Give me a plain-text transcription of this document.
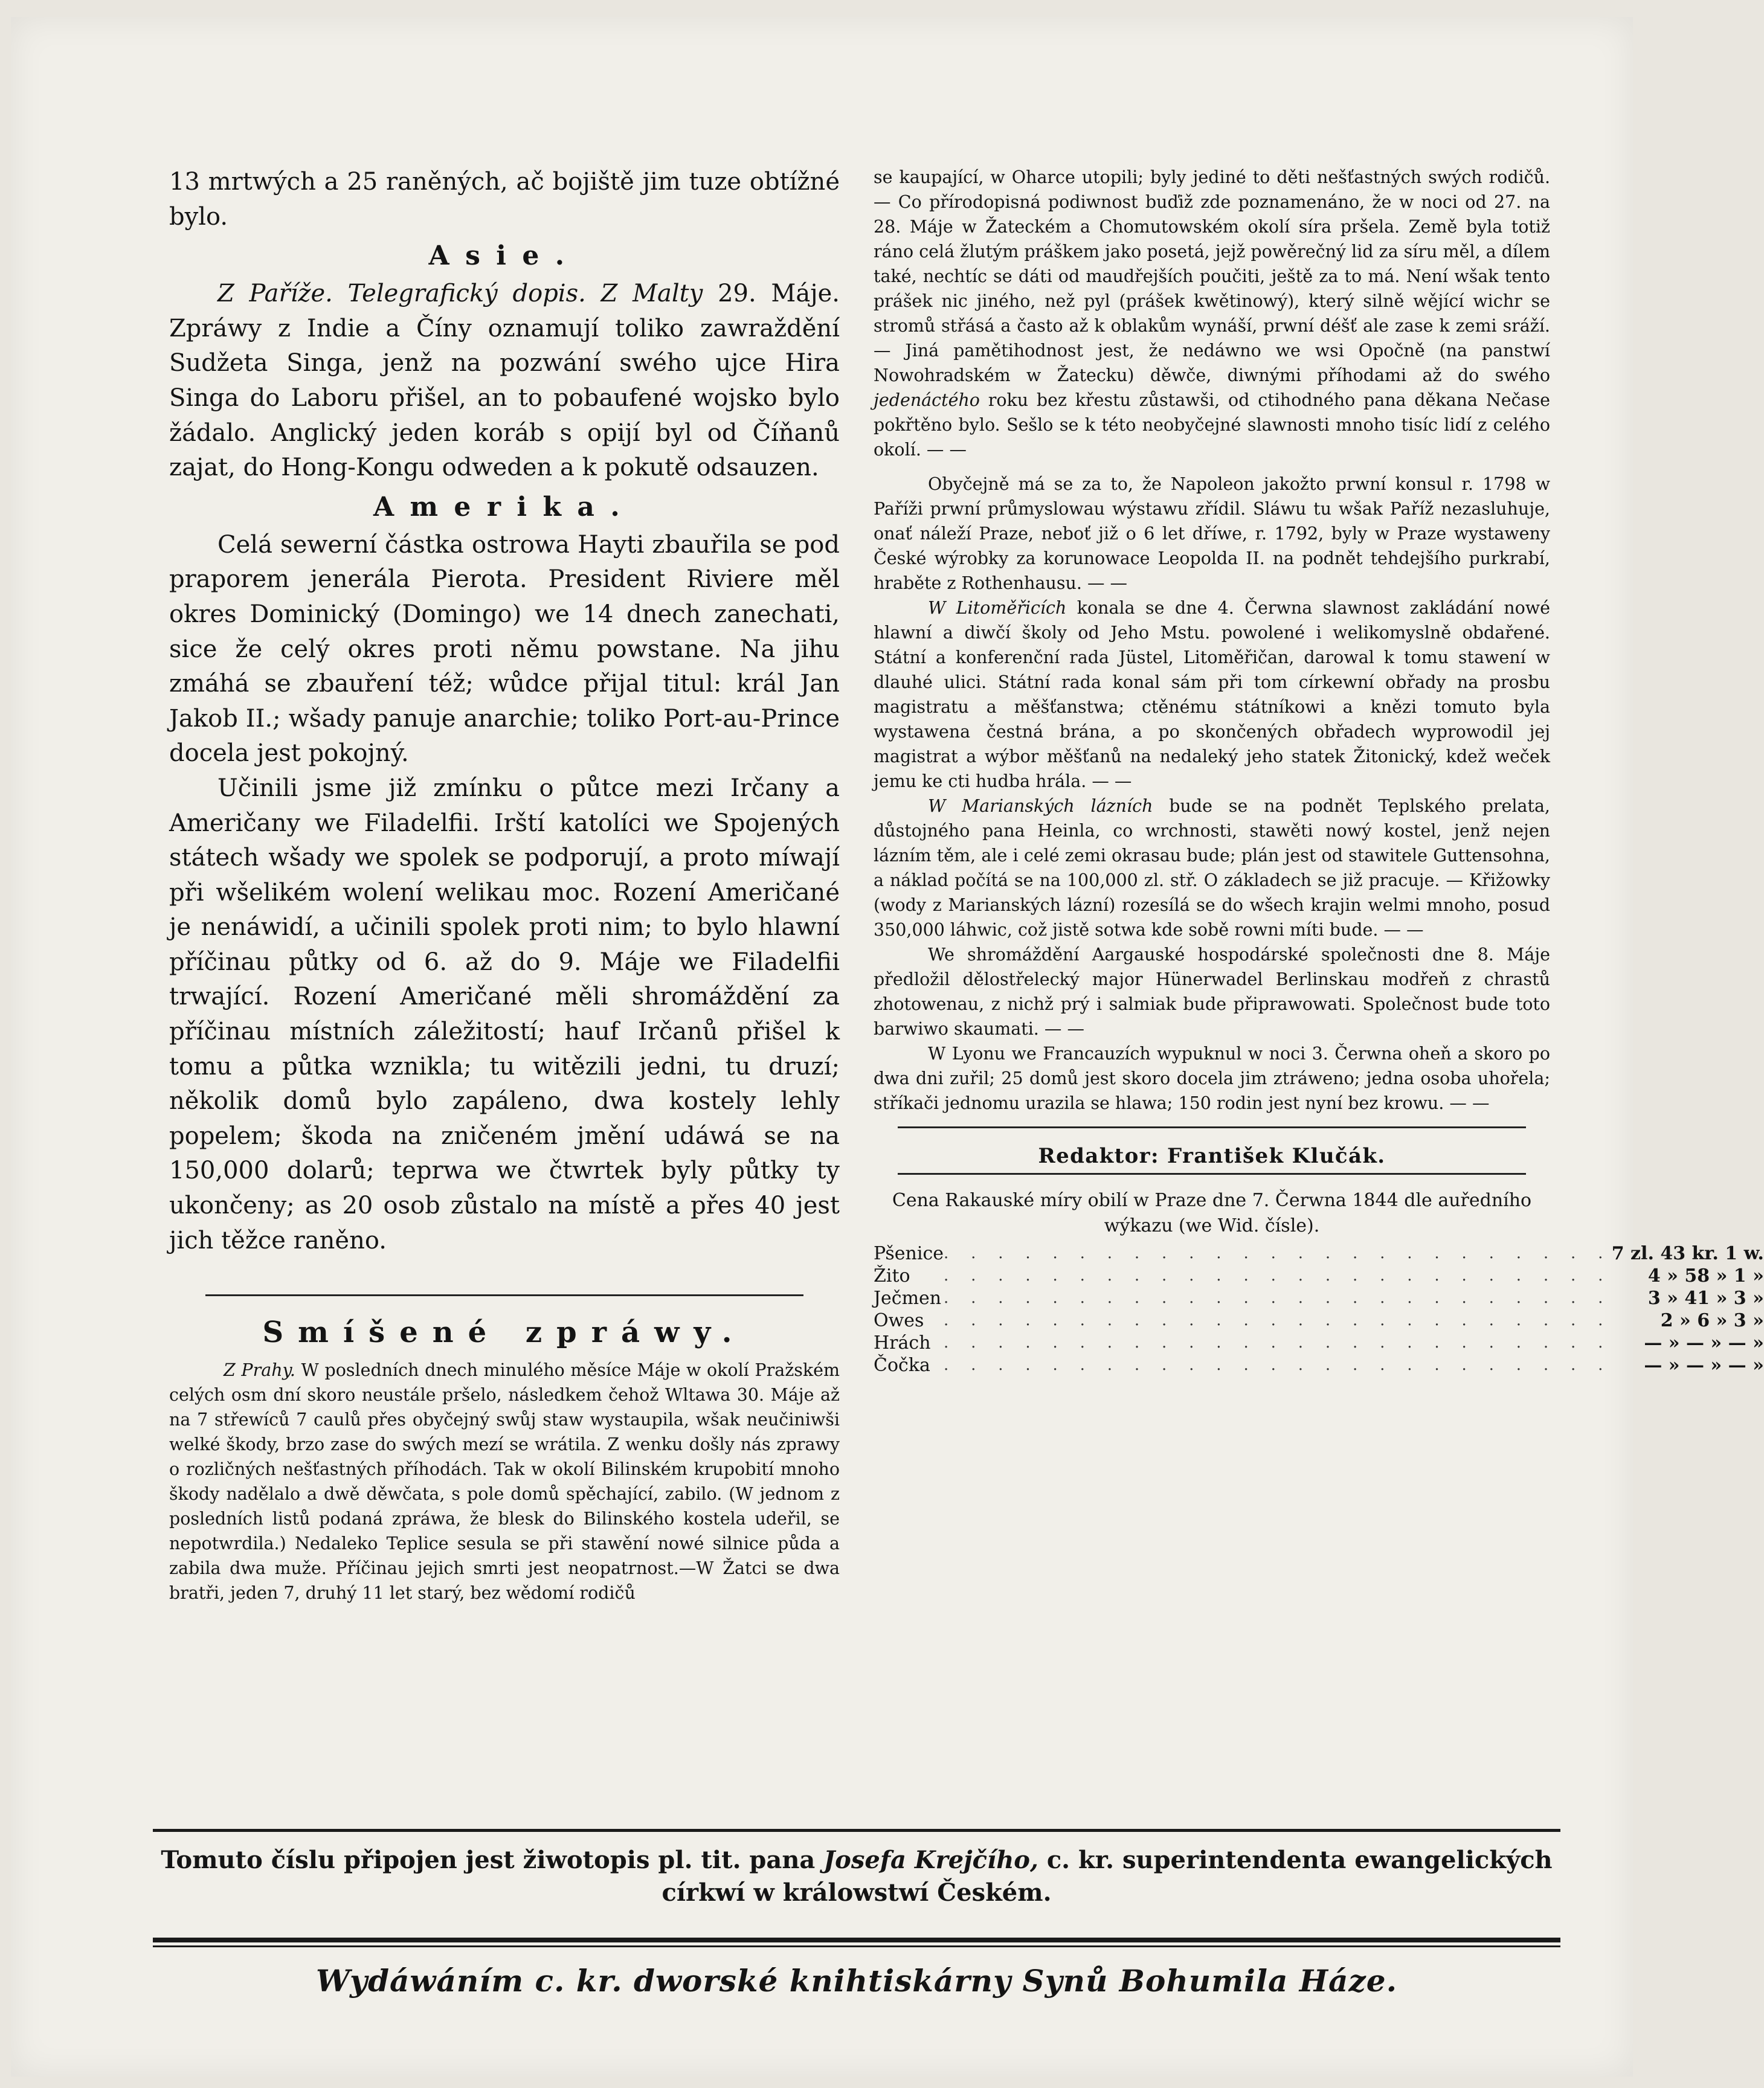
13 mrtwých a 25 raněných, ač bojiště jim tuze obtížné bylo.

Asie.

Z Paříže. Telegrafický dopis. Z Malty 29. Máje. Zpráwy z Indie a Číny oznamují toliko zawraždění Sudžeta Singa, jenž na pozwání swého ujce Hira Singa do Laboru přišel, an to pobaufené wojsko bylo žádalo. Anglický jeden koráb s opijí byl od Číňanů zajat, do Hong-Kongu odweden a k pokutě odsauzen.

Amerika.

Celá sewerní částka ostrowa Hayti zbauřila se pod praporem jenerála Pierota. President Riviere měl okres Dominický (Domingo) we 14 dnech zanechati, sice že celý okres proti němu powstane. Na jihu zmáhá se zbauření též; wůdce přijal titul: král Jan Jakob II.; wšady panuje anarchie; toliko Port-au-Prince docela jest pokojný.

Učinili jsme již zmínku o půtce mezi Irčany a Američany we Filadelfii. Irští katolíci we Spojených státech wšady we spolek se podporují, a proto míwají při wšelikém wolení welikau moc. Rození Američané je nenáwidí, a učinili spolek proti nim; to bylo hlawní příčinau půtky od 6. až do 9. Máje we Filadelfii trwající. Rození Američané měli shromáždění za příčinau místních záležitostí; hauf Irčanů přišel k tomu a půtka wznikla; tu witězili jedni, tu druzí; několik domů bylo zapáleno, dwa kostely lehly popelem; škoda na zničeném jmění udáwá se na 150,000 dolarů; teprwa we čtwrtek byly půtky ty ukončeny; as 20 osob zůstalo na místě a přes 40 jest jich těžce raněno.

Smíšené zpráwy.

Z Prahy. W posledních dnech minulého měsíce Máje w okolí Pražském celých osm dní skoro neustále pršelo, následkem čehož Wltawa 30. Máje až na 7 střewíců 7 caulů přes obyčejný swůj staw wystaupila, wšak neučiniwši welké škody, brzo zase do swých mezí se wrátila. Z wenku došly nás zprawy o rozličných nešťastných příhodách. Tak w okolí Bilinském krupobití mnoho škody nadělalo a dwě děwčata, s pole domů spěchající, zabilo. (W jednom z posledních listů podaná zpráwa, že blesk do Bilinského kostela udeřil, se nepotwrdila.) Nedaleko Teplice sesula se při stawění nowé silnice půda a zabila dwa muže. Příčinau jejich smrti jest neopatrnost.—W Žatci se dwa bratři, jeden 7, druhý 11 let starý, bez wědomí rodičů

se kaupající, w Oharce utopili; byly jediné to děti nešťastných swých rodičů. — Co přírodopisná podiwnost buďiž zde poznamenáno, že w noci od 27. na 28. Máje w Žateckém a Chomutowském okolí síra pršela. Země byla totiž ráno celá žlutým práškem jako posetá, jejž powěrečný lid za síru měl, a dílem také, nechtíc se dáti od maudřejších poučiti, ještě za to má. Není wšak tento prášek nic jiného, než pyl (prášek kwětinowý), který silně wějící wichr se stromů střásá a často až k oblakům wynáší, prwní déšť ale zase k zemi sráží. — Jiná pamětihodnost jest, že nedáwno we wsi Opočně (na panstwí Nowohradském w Žatecku) děwče, diwnými příhodami až do swého jedenáctého roku bez křestu zůstawši, od ctihodného pana děkana Nečase pokřtěno bylo. Sešlo se k této neobyčejné slawnosti mnoho tisíc lidí z celého okolí. — —

Obyčejně má se za to, že Napoleon jakožto prwní konsul r. 1798 w Paříži prwní průmyslowau wýstawu zřídil. Sláwu tu wšak Paříž nezasluhuje, onať náleží Praze, neboť již o 6 let dříwe, r. 1792, byly w Praze wystaweny České wýrobky za korunowace Leopolda II. na podnět tehdejšího purkrabí, hraběte z Rothenhausu. — —

W Litoměřicích konala se dne 4. Čerwna slawnost zakládání nowé hlawní a diwčí školy od Jeho Mstu. powolené i welikomyslně obdařené. Státní a konferenční rada Jüstel, Litoměřičan, darowal k tomu stawení w dlauhé ulici. Státní rada konal sám při tom církewní obřady na prosbu magistratu a měšťanstwa; ctěnému státníkowi a knězi tomuto byla wystawena čestná brána, a po skončených obřadech wyprowodil jej magistrat a wýbor měšťanů na nedaleký jeho statek Žitonický, kdež weček jemu ke cti hudba hrála. — —

W Marianských lázních bude se na podnět Teplského prelata, důstojného pana Heinla, co wrchnosti, stawěti nowý kostel, jenž nejen lázním těm, ale i celé zemi okrasau bude; plán jest od stawitele Guttensohna, a náklad počítá se na 100,000 zl. stř. O základech se již pracuje. — Křižowky (wody z Marianských lázní) rozesílá se do wšech krajin welmi mnoho, posud 350,000 láhwic, což jistě sotwa kde sobě rowni míti bude. — —

We shromáždění Aargauské hospodárské společnosti dne 8. Máje předložil dělostřelecký major Hünerwadel Berlinskau modřeň z chrastů zhotowenau, z nichž prý i salmiak bude připrawowati. Společnost bude toto barwiwo skaumati. — —

W Lyonu we Francauzích wypuknul w noci 3. Čerwna oheň a skoro po dwa dni zuřil; 25 domů jest skoro docela jim ztráweno; jedna osoba uhořela; stříkači jednomu urazila se hlawa; 150 rodin jest nyní bez krowu. — —

Redaktor: František Klučák.
Cena Rakauské míry obilí w Praze dne 7. Čerwna 1844 dle auředního wýkazu (we Wid. čísle).
Pšenice	. . . . . . . . . . . . . . . . . . . . . . . . .	7 zl. 43 kr. 1 w.
Žito	. . . . . . . . . . . . . . . . . . . . . . . . .	4 » 58 » 1 »
Ječmen	. . . . . . . . . . . . . . . . . . . . . . . . .	3 » 41 » 3 »
Owes	. . . . . . . . . . . . . . . . . . . . . . . . .	2 » 6 » 3 »
Hrách	. . . . . . . . . . . . . . . . . . . . . . . . .	— » — » — »
Čočka	. . . . . . . . . . . . . . . . . . . . . . . . .	— » — » — »
Tomuto číslu připojen jest žiwotopis pl. tit. pana Josefa Krejčího, c. kr. superintendenta ewangelických církwí w králowstwí Českém.
Wydáwáním c. kr. dworské knihtiskárny Synů Bohumila Háze.
